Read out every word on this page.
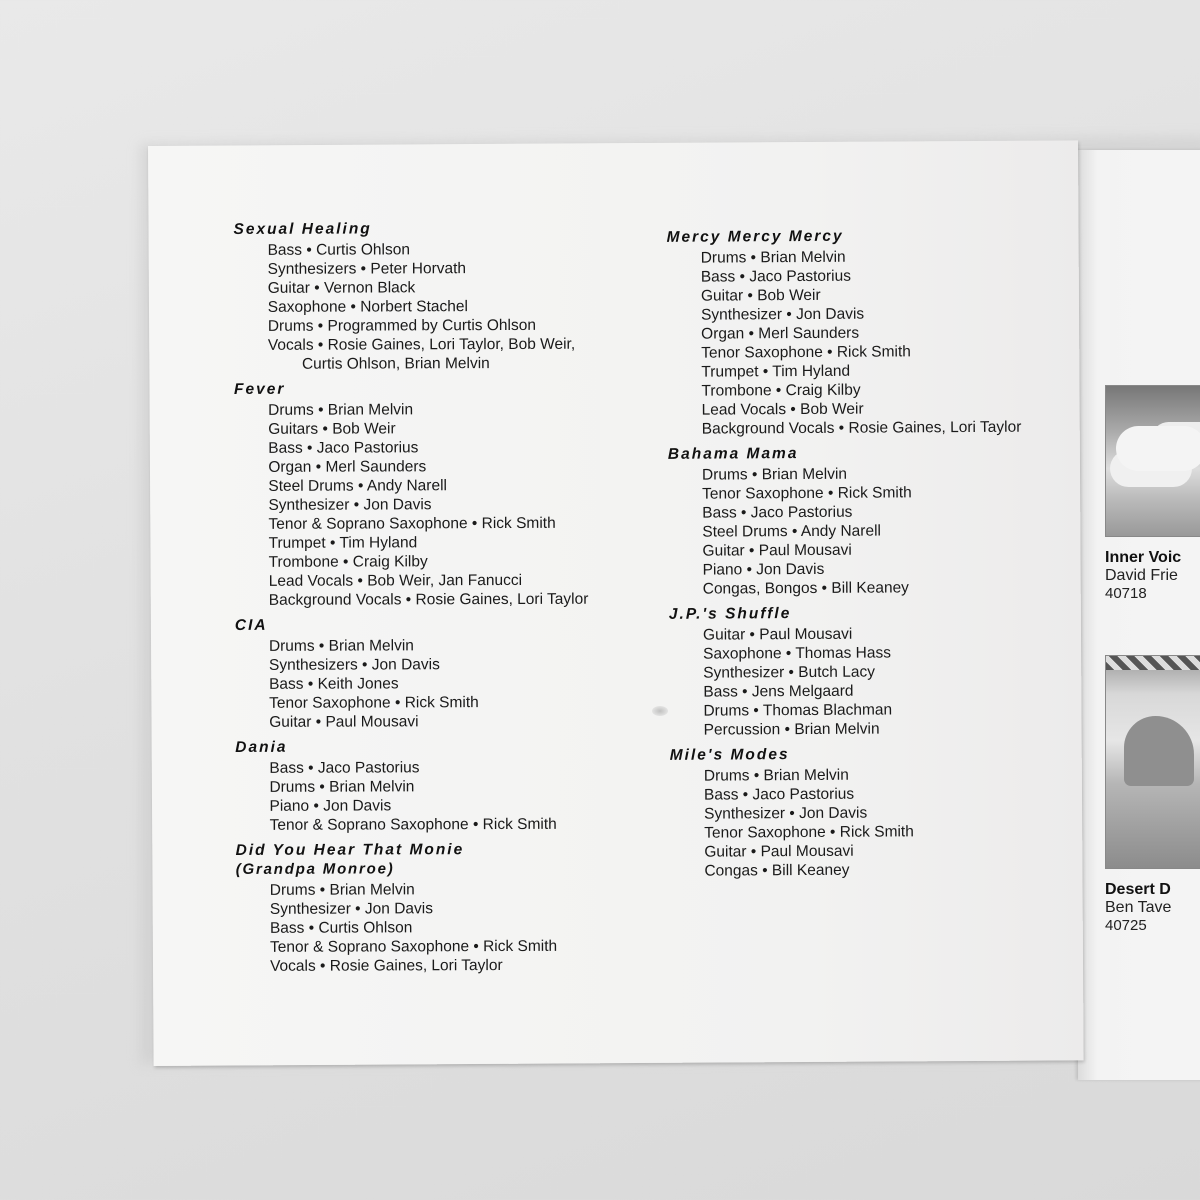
Inner Voic
David Frie
40718
Desert D
Ben Tave
40725
Sexual Healing
Bass • Curtis Ohlson
Synthesizers • Peter Horvath
Guitar • Vernon Black
Saxophone • Norbert Stachel
Drums • Programmed by Curtis Ohlson
Vocals • Rosie Gaines, Lori Taylor, Bob Weir,
Curtis Ohlson, Brian Melvin
Fever
Drums • Brian Melvin
Guitars • Bob Weir
Bass • Jaco Pastorius
Organ • Merl Saunders
Steel Drums • Andy Narell
Synthesizer • Jon Davis
Tenor & Soprano Saxophone • Rick Smith
Trumpet • Tim Hyland
Trombone • Craig Kilby
Lead Vocals • Bob Weir, Jan Fanucci
Background Vocals • Rosie Gaines, Lori Taylor
CIA
Drums • Brian Melvin
Synthesizers • Jon Davis
Bass • Keith Jones
Tenor Saxophone • Rick Smith
Guitar • Paul Mousavi
Dania
Bass • Jaco Pastorius
Drums • Brian Melvin
Piano • Jon Davis
Tenor & Soprano Saxophone • Rick Smith
Did You Hear That Monie
(Grandpa Monroe)
Drums • Brian Melvin
Synthesizer • Jon Davis
Bass • Curtis Ohlson
Tenor & Soprano Saxophone • Rick Smith
Vocals • Rosie Gaines, Lori Taylor
Mercy Mercy Mercy
Drums • Brian Melvin
Bass • Jaco Pastorius
Guitar • Bob Weir
Synthesizer • Jon Davis
Organ • Merl Saunders
Tenor Saxophone • Rick Smith
Trumpet • Tim Hyland
Trombone • Craig Kilby
Lead Vocals • Bob Weir
Background Vocals • Rosie Gaines, Lori Taylor
Bahama Mama
Drums • Brian Melvin
Tenor Saxophone • Rick Smith
Bass • Jaco Pastorius
Steel Drums • Andy Narell
Guitar • Paul Mousavi
Piano • Jon Davis
Congas, Bongos • Bill Keaney
J.P.'s Shuffle
Guitar • Paul Mousavi
Saxophone • Thomas Hass
Synthesizer • Butch Lacy
Bass • Jens Melgaard
Drums • Thomas Blachman
Percussion • Brian Melvin
Mile's Modes
Drums • Brian Melvin
Bass • Jaco Pastorius
Synthesizer • Jon Davis
Tenor Saxophone • Rick Smith
Guitar • Paul Mousavi
Congas • Bill Keaney
